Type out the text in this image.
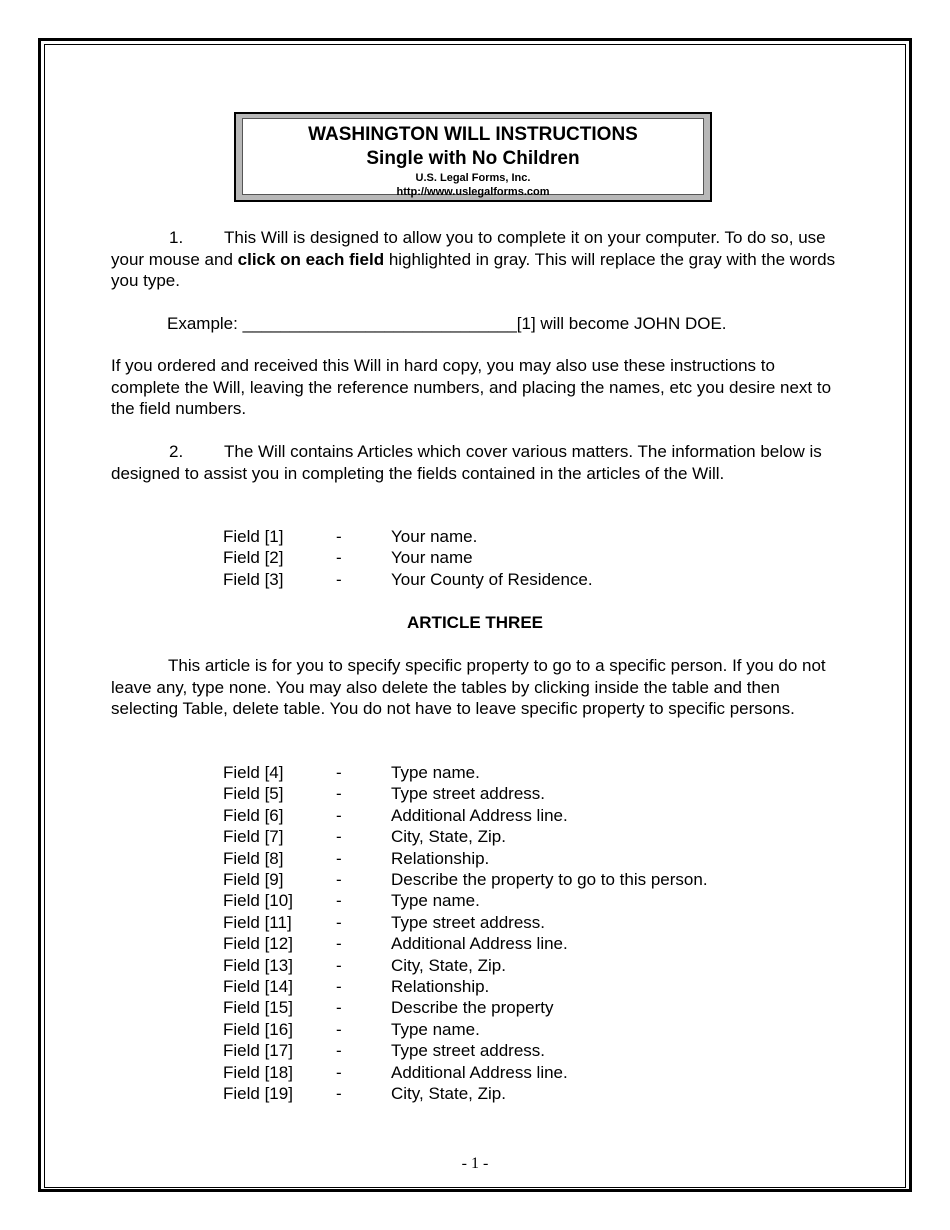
WASHINGTON WILL INSTRUCTIONS
Single with No Children
U.S. Legal Forms, Inc.
http://www.uslegalforms.com
1. This Will is designed to allow you to complete it on your computer. To do so, use your mouse and click on each field highlighted in gray. This will replace the gray with the words you type.
Example: _____________________________[1] will become JOHN DOE.
If you ordered and received this Will in hard copy, you may also use these instructions to complete the Will, leaving the reference numbers, and placing the names, etc you desire next to the field numbers.
2. The Will contains Articles which cover various matters. The information below is designed to assist you in completing the fields contained in the articles of the Will.
Field [1]	-	Your name.
Field [2]	-	Your name
Field [3]	-	Your County of Residence.
ARTICLE THREE
This article is for you to specify specific property to go to a specific person. If you do not leave any, type none. You may also delete the tables by clicking inside the table and then selecting Table, delete table. You do not have to leave specific property to specific persons.
Field [4]	-	Type name.
Field [5]	-	Type street address.
Field [6]	-	Additional Address line.
Field [7]	-	City, State, Zip.
Field [8]	-	Relationship.
Field [9]	-	Describe the property to go to this person.
Field [10]	-	Type name.
Field [11]	-	Type street address.
Field [12]	-	Additional Address line.
Field [13]	-	City, State, Zip.
Field [14]	-	Relationship.
Field [15]	-	Describe the property
Field [16]	-	Type name.
Field [17]	-	Type street address.
Field [18]	-	Additional Address line.
Field [19]	-	City, State, Zip.
- 1 -
